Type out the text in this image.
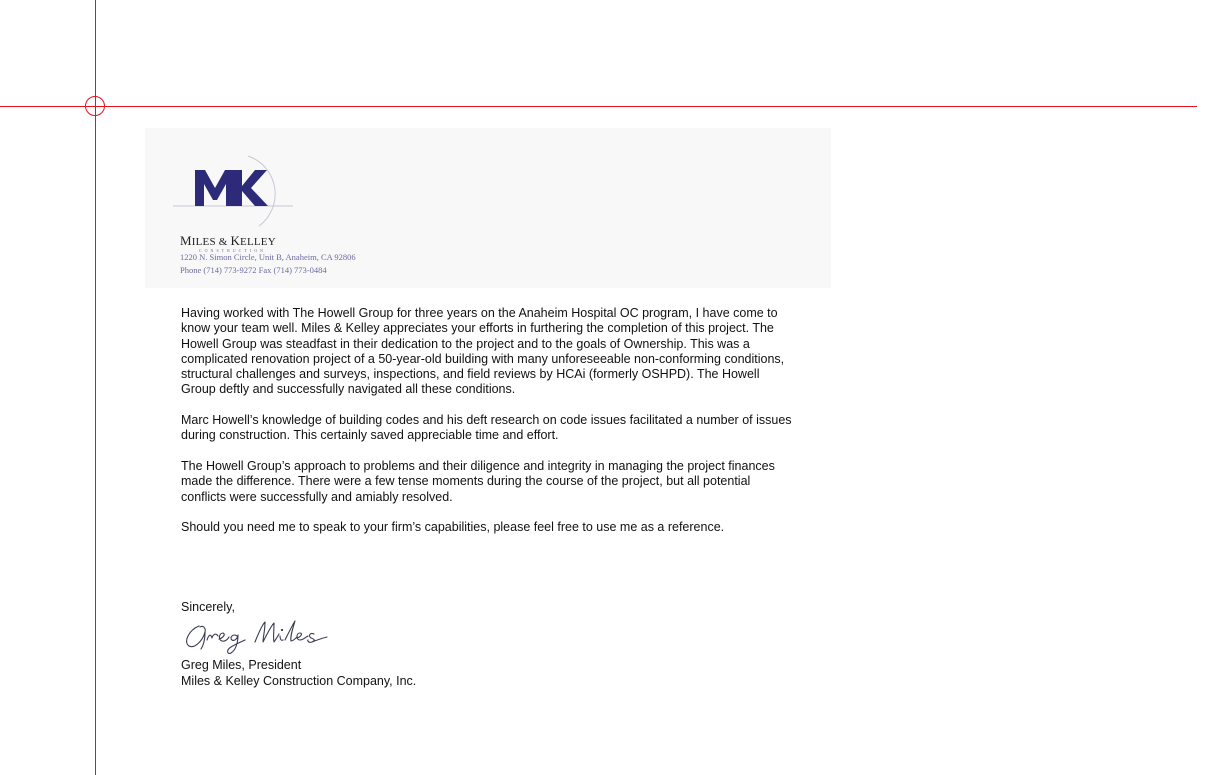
MILES & KELLEY
CONSTRUCTION
1220 N. Simon Circle, Unit B, Anaheim, CA 92806
Phone (714) 773-9272 Fax (714) 773-0484

Having worked with The Howell Group for three years on the Anaheim Hospital OC program, I have come to know your team well. Miles & Kelley appreciates your efforts in furthering the completion of this project. The Howell Group was steadfast in their dedication to the project and to the goals of Ownership. This was a complicated renovation project of a 50-year-old building with many unforeseeable non-conforming conditions, structural challenges and surveys, inspections, and field reviews by HCAi (formerly OSHPD). The Howell Group deftly and successfully navigated all these conditions.

Marc Howell’s knowledge of building codes and his deft research on code issues facilitated a number of issues during construction. This certainly saved appreciable time and effort.

The Howell Group’s approach to problems and their diligence and integrity in managing the project finances made the difference. There were a few tense moments during the course of the project, but all potential conflicts were successfully and amiably resolved.

Should you need me to speak to your firm’s capabilities, please feel free to use me as a reference.

Sincerely,
Greg Miles, President
Miles & Kelley Construction Company, Inc.
